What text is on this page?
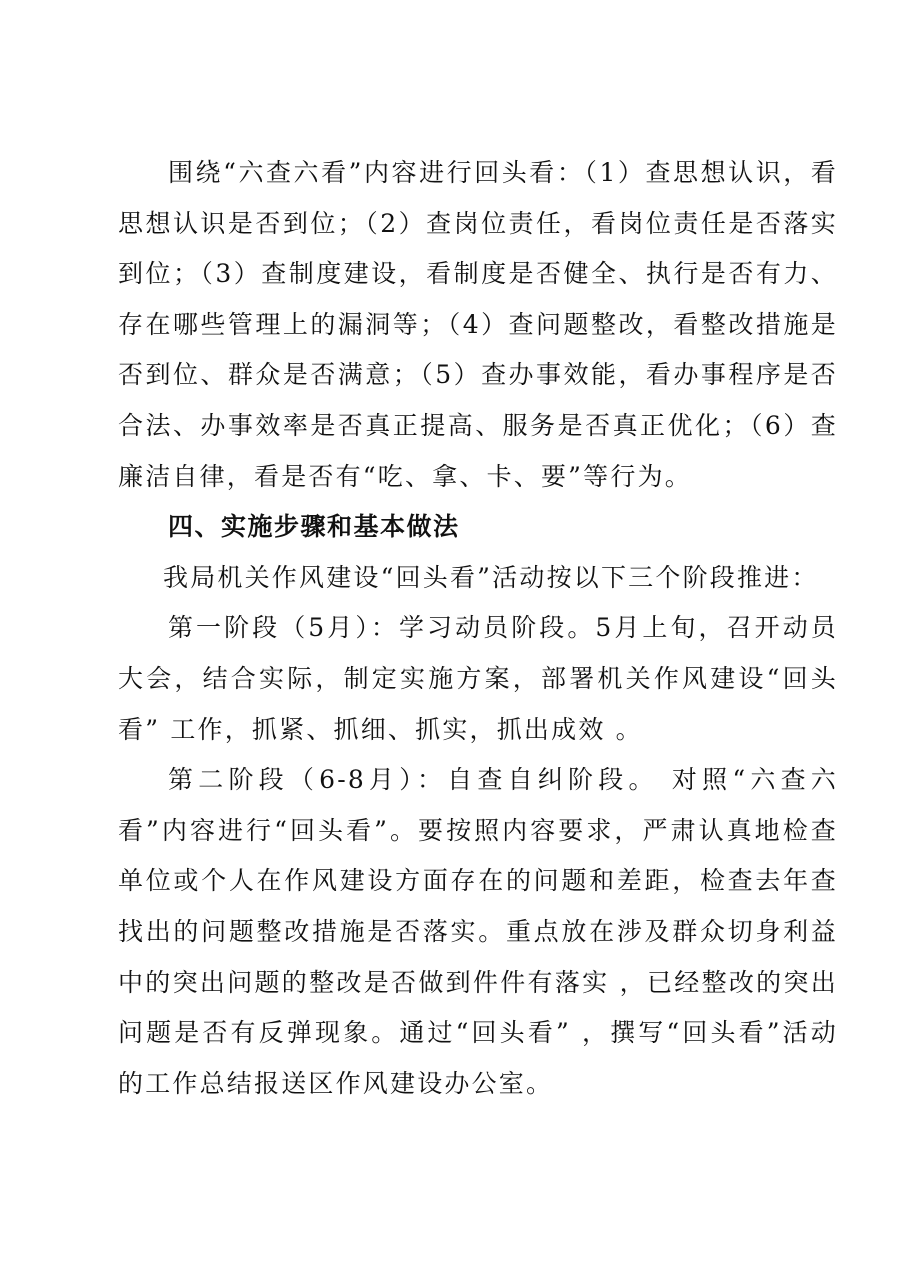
围绕“六查六看”内容进行回头看：（1）查思想认识，看思想认识是否到位；（2）查岗位责任，看岗位责任是否落实到位；（3）查制度建设，看制度是否健全、执行是否有力、存在哪些管理上的漏洞等；（4）查问题整改，看整改措施是否到位、群众是否满意；（5）查办事效能，看办事程序是否合法、办事效率是否真正提高、服务是否真正优化；（6）查廉洁自律，看是否有“吃、拿、卡、要”等行为。

四、实施步骤和基本做法

我局机关作风建设“回头看”活动按以下三个阶段推进：

第一阶段（5月）：学习动员阶段。5月上旬，召开动员大会，结合实际，制定实施方案，部署机关作风建设“回头看” 工作，抓紧、抓细、抓实，抓出成效 。

第二阶段（6-8月）：自查自纠阶段。 对照“六查六看”内容进行“回头看”。要按照内容要求，严肃认真地检查单位或个人在作风建设方面存在的问题和差距，检查去年查找出的问题整改措施是否落实。重点放在涉及群众切身利益中的突出问题的整改是否做到件件有落实 ，已经整改的突出问题是否有反弹现象。通过“回头看” ，撰写“回头看”活动的工作总结报送区作风建设办公室。
